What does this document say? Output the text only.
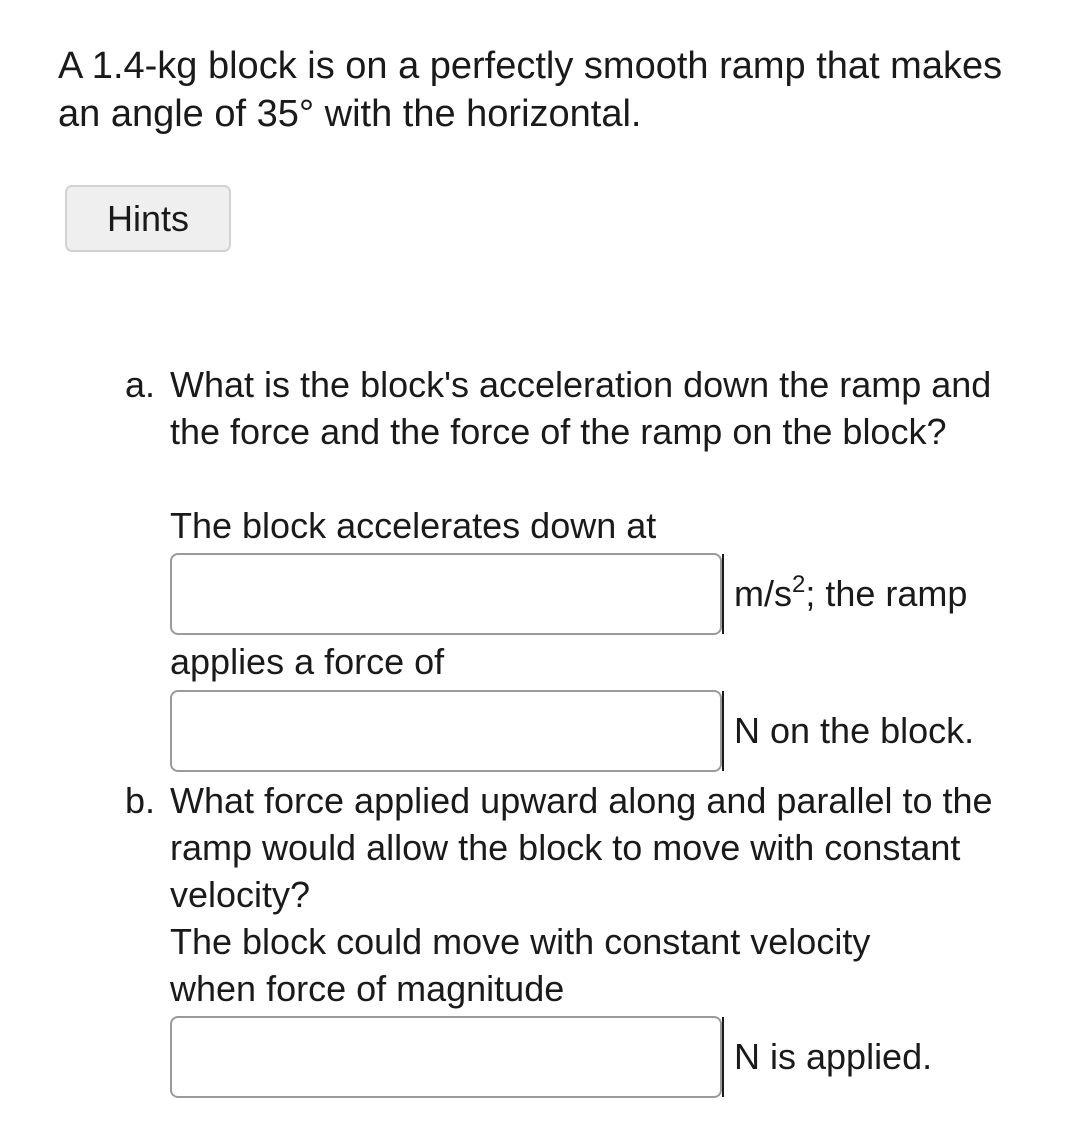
A 1.4-kg block is on a perfectly smooth ramp that makes an angle of 35° with the horizontal.

Hints
a. What is the block's acceleration down the ramp and the force and the force of the ramp on the block?
The block accelerates down at
$m/s^2$; the ramp
applies a force of
N on the block.
b. What force applied upward along and parallel to the ramp would allow the block to move with constant velocity?
The block could move with constant velocity
when force of magnitude
N is applied.
